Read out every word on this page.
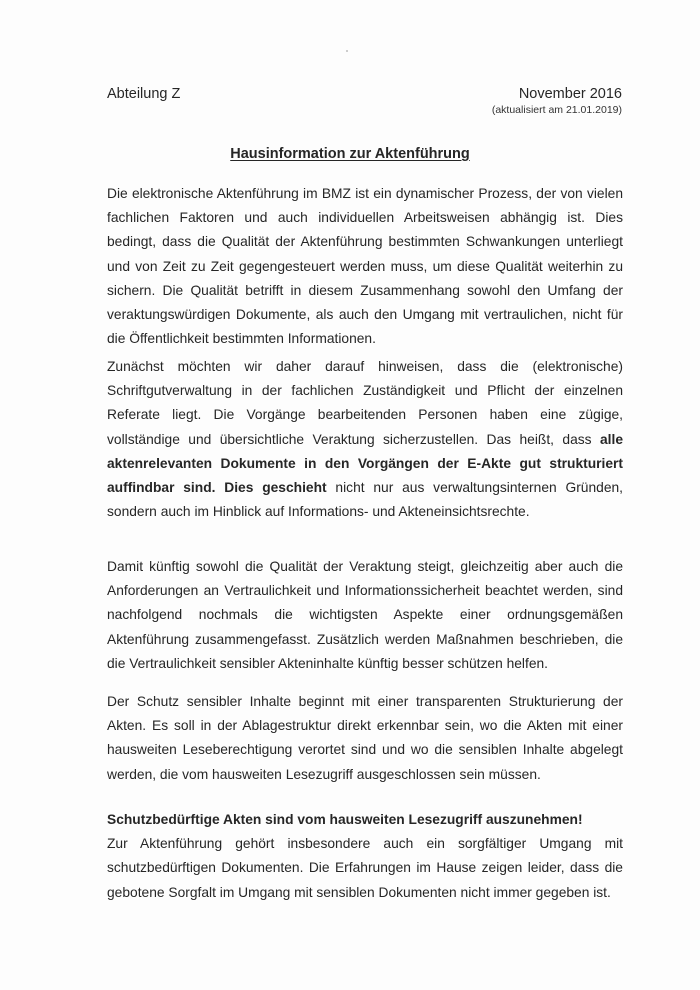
Abteilung Z	November 2016
(aktualisiert am 21.01.2019)
Hausinformation zur Aktenführung

Die elektronische Aktenführung im BMZ ist ein dynamischer Prozess, der von vielen fachlichen Faktoren und auch individuellen Arbeitsweisen abhängig ist. Dies bedingt, dass die Qualität der Aktenführung bestimmten Schwankungen unterliegt und von Zeit zu Zeit gegengesteuert werden muss, um diese Qualität weiterhin zu sichern. Die Qualität betrifft in diesem Zusammenhang sowohl den Umfang der veraktungswürdigen Dokumente, als auch den Umgang mit vertraulichen, nicht für die Öffentlichkeit bestimmten Informationen.

Zunächst möchten wir daher darauf hinweisen, dass die (elektronische) Schriftgutverwaltung in der fachlichen Zuständigkeit und Pflicht der einzelnen Referate liegt. Die Vorgänge bearbeitenden Personen haben eine zügige, vollständige und übersichtliche Veraktung sicherzustellen. Das heißt, dass alle aktenrelevanten Dokumente in den Vorgängen der E-Akte gut strukturiert auffindbar sind. Dies geschieht nicht nur aus verwaltungsinternen Gründen, sondern auch im Hinblick auf Informations- und Akteneinsichtsrechte.

Damit künftig sowohl die Qualität der Veraktung steigt, gleichzeitig aber auch die Anforderungen an Vertraulichkeit und Informationssicherheit beachtet werden, sind nachfolgend nochmals die wichtigsten Aspekte einer ordnungsgemäßen Aktenführung zusammengefasst. Zusätzlich werden Maßnahmen beschrieben, die die Vertraulichkeit sensibler Akteninhalte künftig besser schützen helfen.

Der Schutz sensibler Inhalte beginnt mit einer transparenten Strukturierung der Akten. Es soll in der Ablagestruktur direkt erkennbar sein, wo die Akten mit einer hausweiten Leseberechtigung verortet sind und wo die sensiblen Inhalte abgelegt werden, die vom hausweiten Lesezugriff ausgeschlossen sein müssen.

Schutzbedürftige Akten sind vom hausweiten Lesezugriff auszunehmen!
Zur Aktenführung gehört insbesondere auch ein sorgfältiger Umgang mit schutzbedürftigen Dokumenten. Die Erfahrungen im Hause zeigen leider, dass die gebotene Sorgfalt im Umgang mit sensiblen Dokumenten nicht immer gegeben ist.
